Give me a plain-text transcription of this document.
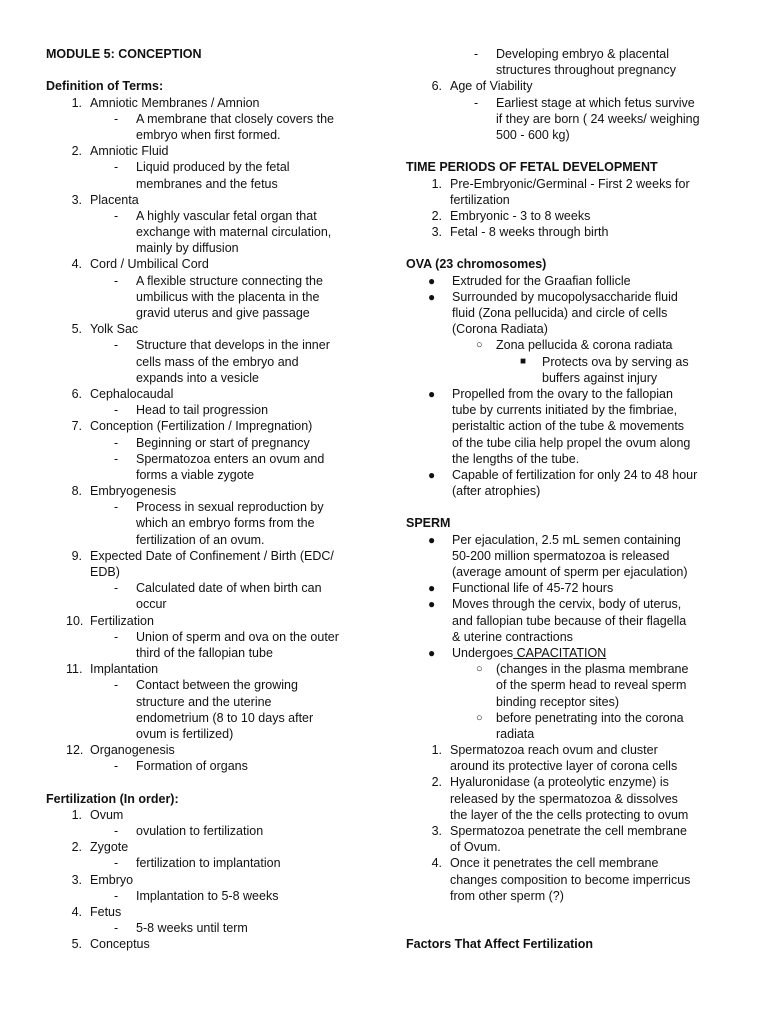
MODULE 5: CONCEPTION
Definition of Terms:
1. Amniotic Membranes / Amnion
- A membrane that closely covers the
embryo when first formed.
2. Amniotic Fluid
- Liquid produced by the fetal
membranes and the fetus
3. Placenta
- A highly vascular fetal organ that
exchange with maternal circulation,
mainly by diffusion
4. Cord / Umbilical Cord
- A flexible structure connecting the
umbilicus with the placenta in the
gravid uterus and give passage
5. Yolk Sac
- Structure that develops in the inner
cells mass of the embryo and
expands into a vesicle
6. Cephalocaudal
- Head to tail progression
7. Conception (Fertilization / Impregnation)
- Beginning or start of pregnancy
- Spermatozoa enters an ovum and
forms a viable zygote
8. Embryogenesis
- Process in sexual reproduction by
which an embryo forms from the
fertilization of an ovum.
9. Expected Date of Confinement / Birth (EDC/
EDB)
- Calculated date of when birth can
occur
10. Fertilization
- Union of sperm and ova on the outer
third of the fallopian tube
11. Implantation
- Contact between the growing
structure and the uterine
endometrium (8 to 10 days after
ovum is fertilized)
12. Organogenesis
- Formation of organs
Fertilization (In order):
1. Ovum
- ovulation to fertilization
2. Zygote
- fertilization to implantation
3. Embryo
- Implantation to 5-8 weeks
4. Fetus
- 5-8 weeks until term
5. Conceptus
- Developing embryo & placental
structures throughout pregnancy
6. Age of Viability
- Earliest stage at which fetus survive
if they are born ( 24 weeks/ weighing
500 - 600 kg)
TIME PERIODS OF FETAL DEVELOPMENT
1. Pre-Embryonic/Germinal - First 2 weeks for
fertilization
2. Embryonic - 3 to 8 weeks
3. Fetal - 8 weeks through birth
OVA (23 chromosomes)
● Extruded for the Graafian follicle
● Surrounded by mucopolysaccharide fluid
fluid (Zona pellucida) and circle of cells
(Corona Radiata)
○ Zona pellucida & corona radiata
■ Protects ova by serving as
buffers against injury
● Propelled from the ovary to the fallopian
tube by currents initiated by the fimbriae,
peristaltic action of the tube & movements
of the tube cilia help propel the ovum along
the lengths of the tube.
● Capable of fertilization for only 24 to 48 hour
(after atrophies)
SPERM
● Per ejaculation, 2.5 mL semen containing
50-200 million spermatozoa is released
(average amount of sperm per ejaculation)
● Functional life of 45-72 hours
● Moves through the cervix, body of uterus,
and fallopian tube because of their flagella
& uterine contractions
● Undergoes CAPACITATION
○ (changes in the plasma membrane
of the sperm head to reveal sperm
binding receptor sites)
○ before penetrating into the corona
radiata
1. Spermatozoa reach ovum and cluster
around its protective layer of corona cells
2. Hyaluronidase (a proteolytic enzyme) is
released by the spermatozoa & dissolves
the layer of the the cells protecting to ovum
3. Spermatozoa penetrate the cell membrane
of Ovum.
4. Once it penetrates the cell membrane
changes composition to become imperricus
from other sperm (?)
Factors That Affect Fertilization
